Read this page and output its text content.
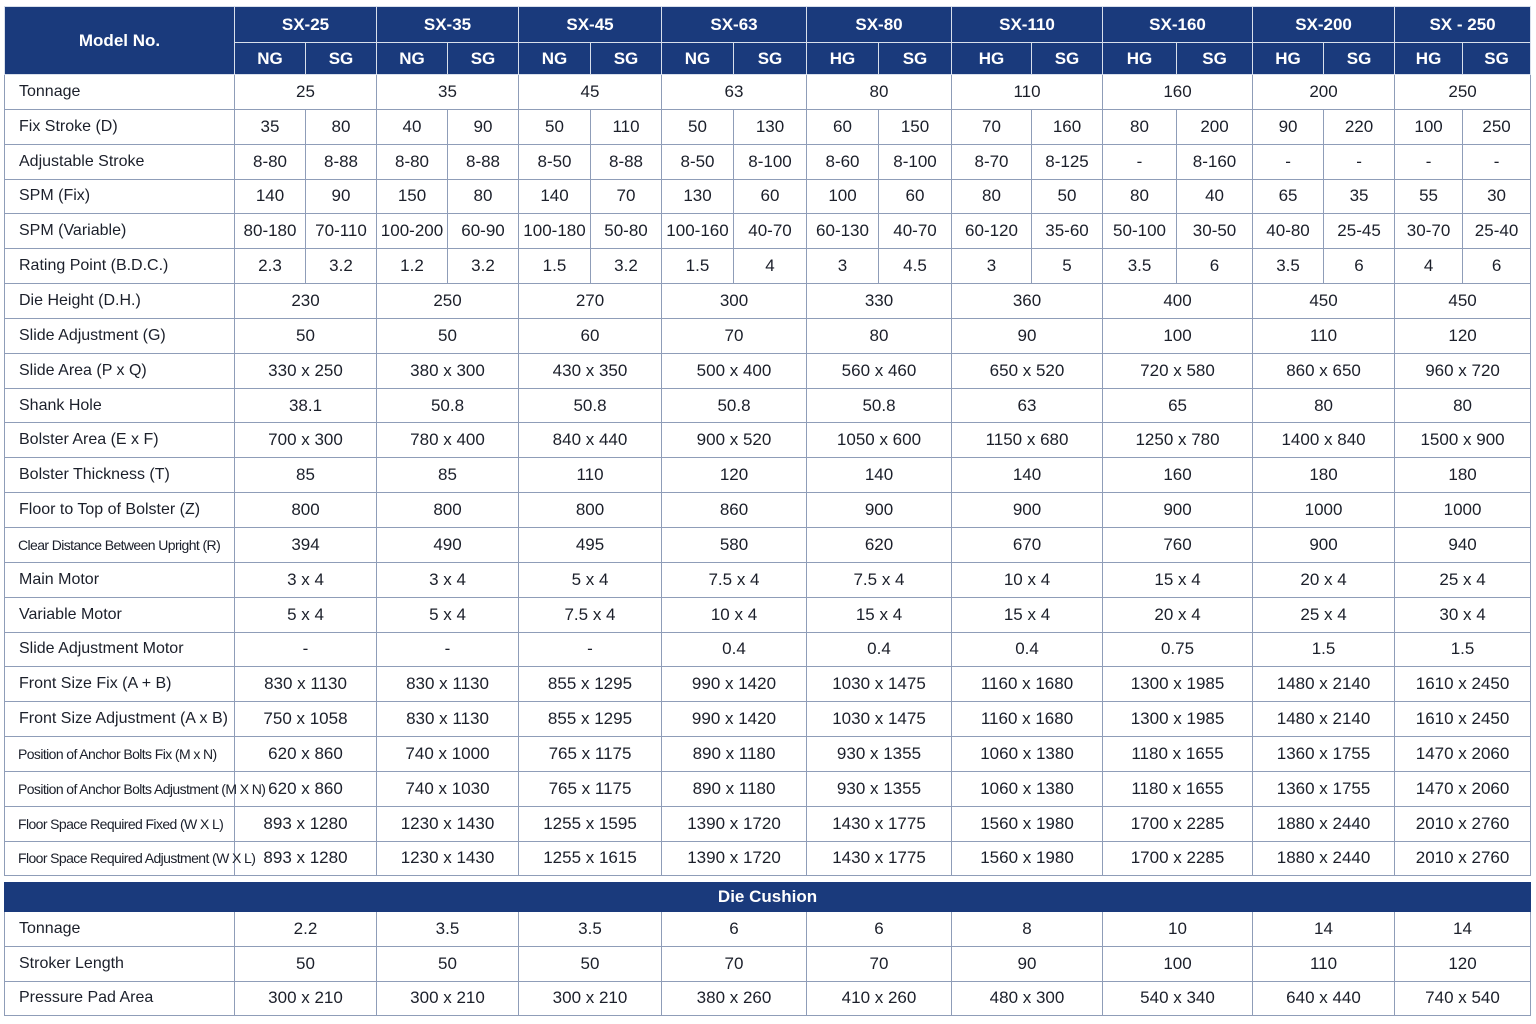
Model No.	SX-25		SX-35		SX-45		SX-63		SX-80		SX-110		SX-160		SX-200		SX - 250	
	NG	SG	NG	SG	NG	SG	NG	SG	HG	SG	HG	SG	HG	SG	HG	SG	HG	SG
Tonnage	25		35		45		63		80		110		160		200		250	
Fix Stroke (D)	35	80	40	90	50	110	50	130	60	150	70	160	80	200	90	220	100	250
Adjustable Stroke	8-80	8-88	8-80	8-88	8-50	8-88	8-50	8-100	8-60	8-100	8-70	8-125	-	8-160	-	-	-	-
SPM (Fix)	140	90	150	80	140	70	130	60	100	60	80	50	80	40	65	35	55	30
SPM (Variable)	80-180	70-110	100-200	60-90	100-180	50-80	100-160	40-70	60-130	40-70	60-120	35-60	50-100	30-50	40-80	25-45	30-70	25-40
Rating Point (B.D.C.)	2.3	3.2	1.2	3.2	1.5	3.2	1.5	4	3	4.5	3	5	3.5	6	3.5	6	4	6
Die Height (D.H.)	230		250		270		300		330		360		400		450		450	
Slide Adjustment (G)	50		50		60		70		80		90		100		110		120	
Slide Area (P x Q)	330 x 250		380 x 300		430 x 350		500 x 400		560 x 460		650 x 520		720 x 580		860 x 650		960 x 720	
Shank Hole	38.1		50.8		50.8		50.8		50.8		63		65		80		80	
Bolster Area (E x F)	700 x 300		780 x 400		840 x 440		900 x 520		1050 x 600		1150 x 680		1250 x 780		1400 x 840		1500 x 900	
Bolster Thickness (T)	85		85		110		120		140		140		160		180		180	
Floor to Top of Bolster (Z)	800		800		800		860		900		900		900		1000		1000	
Clear Distance Between Upright (R)	394		490		495		580		620		670		760		900		940	
Main Motor	3 x 4		3 x 4		5 x 4		7.5 x 4		7.5 x 4		10 x 4		15 x 4		20 x 4		25 x 4	
Variable Motor	5 x 4		5 x 4		7.5 x 4		10 x 4		15 x 4		15 x 4		20 x 4		25 x 4		30 x 4	
Slide Adjustment Motor	-		-		-		0.4		0.4		0.4		0.75		1.5		1.5	
Front Size Fix (A + B)	830 x 1130		830 x 1130		855 x 1295		990 x 1420		1030 x 1475		1160 x 1680		1300 x 1985		1480 x 2140		1610 x 2450	
Front Size Adjustment (A x B)	750 x 1058		830 x 1130		855 x 1295		990 x 1420		1030 x 1475		1160 x 1680		1300 x 1985		1480 x 2140		1610 x 2450	
Position of Anchor Bolts Fix (M x N)	620 x 860		740 x 1000		765 x 1175		890 x 1180		930 x 1355		1060 x 1380		1180 x 1655		1360 x 1755		1470 x 2060	
Position of Anchor Bolts Adjustment (M X N)	620 x 860		740 x 1030		765 x 1175		890 x 1180		930 x 1355		1060 x 1380		1180 x 1655		1360 x 1755		1470 x 2060	
Floor Space Required Fixed (W X L)	893 x 1280		1230 x 1430		1255 x 1595		1390 x 1720		1430 x 1775		1560 x 1980		1700 x 2285		1880 x 2440		2010 x 2760	
Floor Space Required Adjustment (W X L)	893 x 1280		1230 x 1430		1255 x 1615		1390 x 1720		1430 x 1775		1560 x 1980		1700 x 2285		1880 x 2440		2010 x 2760	
Die Cushion									
Tonnage	2.2	3.5	3.5	6	6	8	10	14	14
Stroker Length	50	50	50	70	70	90	100	110	120
Pressure Pad Area	300 x 210	300 x 210	300 x 210	380 x 260	410 x 260	480 x 300	540 x 340	640 x 440	740 x 540
